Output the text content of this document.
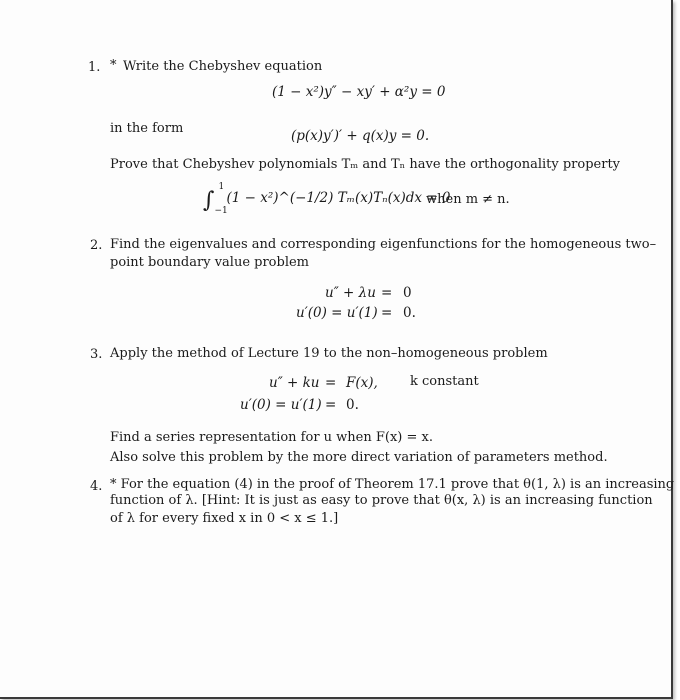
1. * Write the Chebyshev equation
(1 − x²)y″ − xy′ + α²y = 0
in the form	(p(x)y′)′ + q(x)y = 0.
Prove that Chebyshev polynomials Tₘ and Tₙ have the orthogonality property
∫
1
−1
(1 − x²)^(−1/2) Tₘ(x)Tₙ(x)dx = 0
when m ≠ n.
2. Find the eigenvalues and corresponding eigenfunctions for the homogeneous two–
point boundary value problem
u″ + λu = 0
u′(0) = u′(1) = 0.
3. Apply the method of Lecture 19 to the non–homogeneous problem
u″ + ku = F(x), k constant
u′(0) = u′(1) = 0.
Find a series representation for u when F(x) = x.
Also solve this problem by the more direct variation of parameters method.
4. * For the equation (4) in the proof of Theorem 17.1 prove that θ(1, λ) is an increasing
function of λ. [Hint: It is just as easy to prove that θ(x, λ) is an increasing function
of λ for every fixed x in 0 < x ≤ 1.]
